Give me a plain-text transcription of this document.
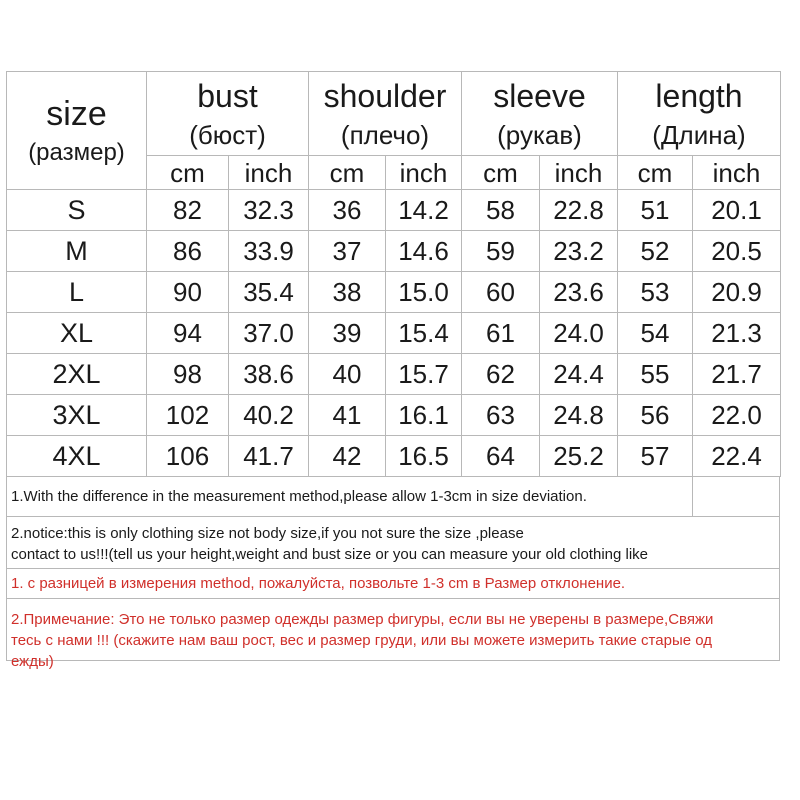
size
(размер)	bust
(бюст)		shoulder
(плечо)		sleeve
(рукав)		length
(Длина)	

	cm	inch	cm	inch	cm	inch	cm	inch
S	82	32.3	36	14.2	58	22.8	51	20.1
M	86	33.9	37	14.6	59	23.2	52	20.5
L	90	35.4	38	15.0	60	23.6	53	20.9
XL	94	37.0	39	15.4	61	24.0	54	21.3
2XL	98	38.6	40	15.7	62	24.4	55	21.7
3XL	102	40.2	41	16.1	63	24.8	56	22.0
4XL	106	41.7	42	16.5	64	25.2	57	22.4
1.With the difference in the measurement method,please allow 1-3cm in size deviation.
2.notice:this is only clothing size not body size,if you not sure the size ,please
contact to us!!!(tell us your height,weight and bust size or you can measure your old clothing like
1. с разницей в измерения method, пожалуйста, позвольте 1-3 cm в Размер отклонение.
2.Примечание: Это не только размер одежды размер фигуры, если вы не уверены в размере,Свяжи
тесь с нами !!! (скажите нам ваш рост, вес и размер груди, или вы можете измерить такие старые од
ежды)
